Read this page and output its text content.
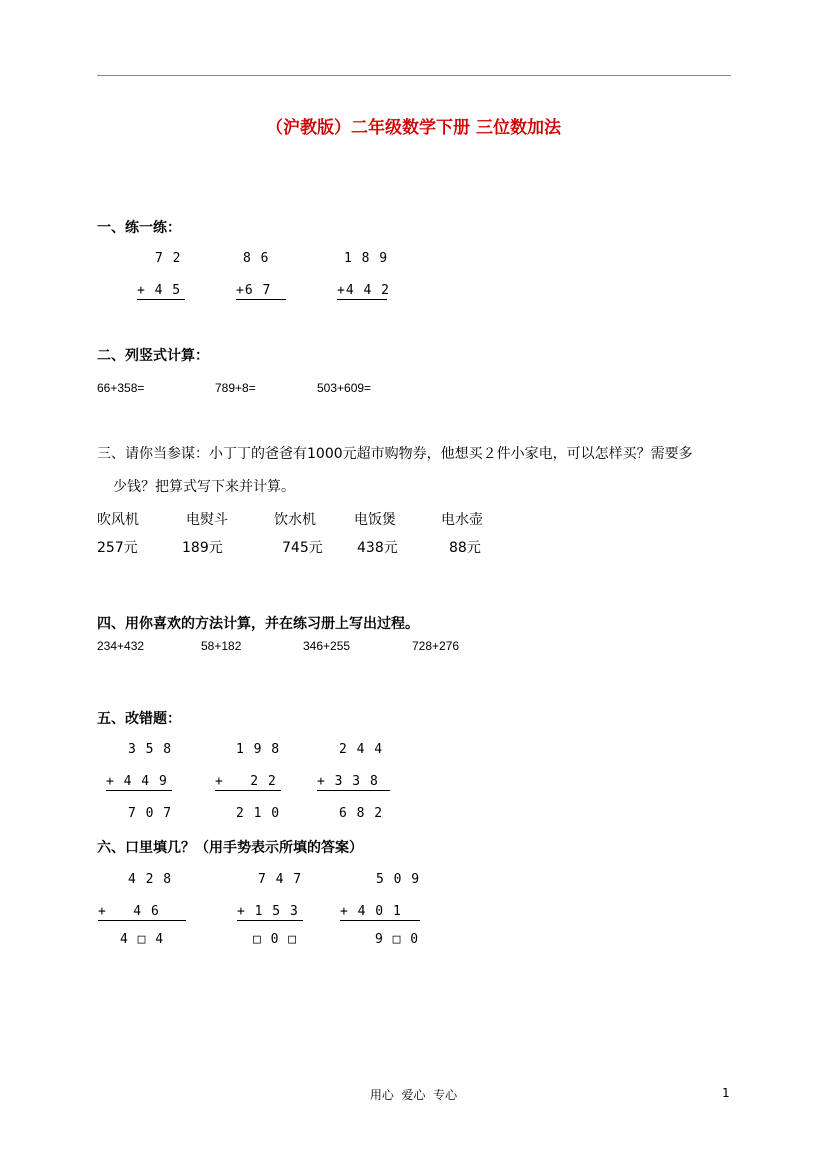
（沪教版）二年级数学下册 三位数加法
一、练一练：
7 2
+ 4 5
8 6
+6 7
1 8 9
+4 4 2
二、列竖式计算：
66+358=	789+8=	503+609=
三、请你当参谋：小丁丁的爸爸有1000元超市购物券，他想买２件小家电，可以怎样买？需要多
少钱？把算式写下来并计算。
吹风机	电熨斗	饮水机	电饭煲	电水壶
257元	189元	745元 438元	88元
四、用你喜欢的方法计算，并在练习册上写出过程。
234+432	58+182	346+255	728+276
五、改错题：
3 5 8
+ 4 4 9
7 0 7
1 9 8
+   2 2
2 1 0
2 4 4
+ 3 3 8
6 8 2
六、口里填几？（用手势表示所填的答案）
4 2 8
+   4 6
4 □ 4
7 4 7
+ 1 5 3
□ 0 □
5 0 9
+ 4 0 1
9 □ 0
用心  爱心  专心	1
